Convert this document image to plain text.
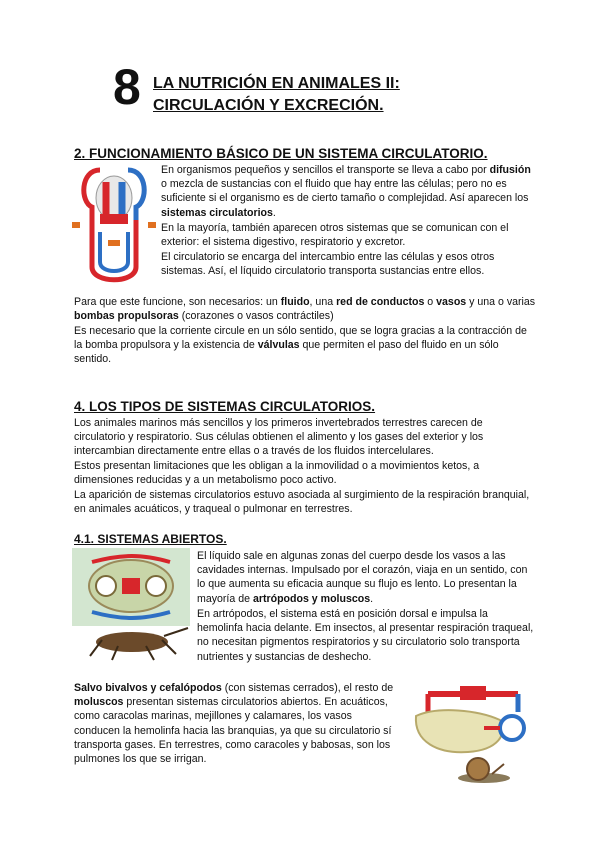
8 LA NUTRICIÓN EN ANIMALES II:
CIRCULACIÓN Y EXCRECIÓN.
2. FUNCIONAMIENTO BÁSICO DE UN SISTEMA CIRCULATORIO.
En organismos pequeños y sencillos el transporte se lleva a cabo por difusión o mezcla de sustancias con el fluido que hay entre las células; pero no es suficiente si el organismo es de cierto tamaño o complejidad. Así aparecen los sistemas circulatorios.
En la mayoría, también aparecen otros sistemas que se comunican con el exterior: el sistema digestivo, respiratorio y excretor.
El circulatorio se encarga del intercambio entre las células y esos otros sistemas. Así, el líquido circulatorio transporta sustancias entre ellos.
Para que este funcione, son necesarios: un fluido, una red de conductos o vasos y una o varias bombas propulsoras (corazones o vasos contráctiles)
Es necesario que la corriente circule en un sólo sentido, que se logra gracias a la contracción de la bomba propulsora y la existencia de válvulas que permiten el paso del fluido en un sólo sentido.
4. LOS TIPOS DE SISTEMAS CIRCULATORIOS.
Los animales marinos más sencillos y los primeros invertebrados terrestres carecen de circulatorio y respiratorio. Sus células obtienen el alimento y los gases del exterior y los intercambian directamente entre ellas o a través de los fluidos intercelulares.
Estos presentan limitaciones que les obligan a la inmovilidad o a movimientos ketos, a dimensiones reducidas y a un metabolismo poco activo.
La aparición de sistemas circulatorios estuvo asociada al surgimiento de la respiración branquial, en animales acuáticos, y traqueal o pulmonar en terrestres.
4.1. SISTEMAS ABIERTOS.
El líquido sale en algunas zonas del cuerpo desde los vasos a las cavidades internas. Impulsado por el corazón, viaja en un sentido, con lo que aumenta su eficacia aunque su flujo es lento. Lo presentan la mayoría de artrópodos y moluscos.
En artrópodos, el sistema está en posición dorsal e impulsa la hemolinfa hacia delante. Em insectos, al presentar respiración traqueal, no necesitan pigmentos respiratorios y su circulatorio solo transporta nutrientes y sustancias de deshecho.
Salvo bivalvos y cefalópodos (con sistemas cerrados), el resto de moluscos presentan sistemas circulatorios abiertos. En acuáticos, como caracolas marinas, mejillones y calamares, los vasos conducen la hemolinfa hacia las branquias, ya que su circulatorio sí transporta gases. En terrestres, como caracoles y babosas, son los pulmones los que se irrigan.
